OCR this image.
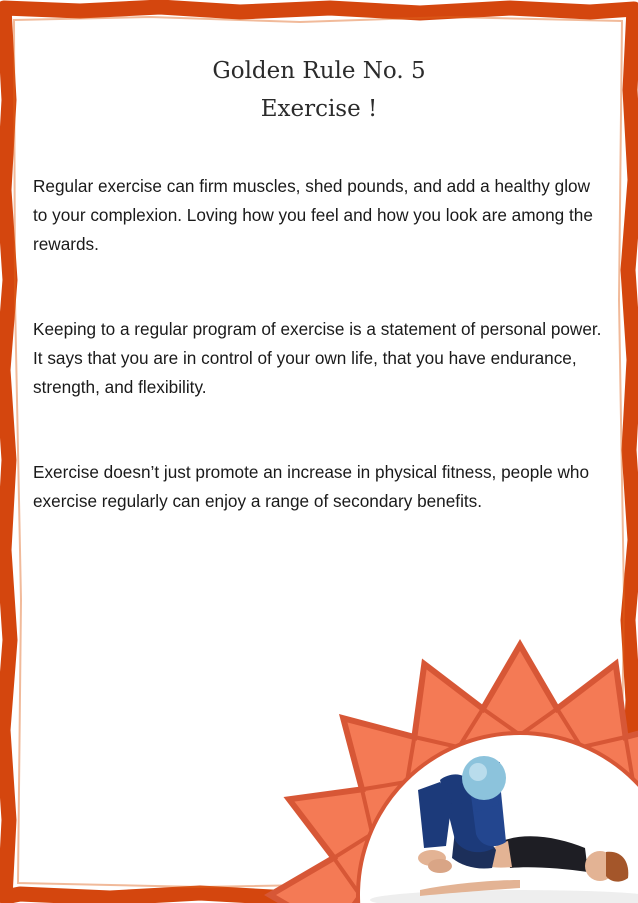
Golden Rule No. 5
Exercise !

Regular exercise can firm muscles, shed pounds, and add a healthy glow to your complexion. Loving how you feel and how you look are among the rewards.

Keeping to a regular program of exercise is a statement of personal power. It says that you are in control of your own life, that you have endurance, strength, and flexibility.

Exercise doesn’t just promote an increase in physical fitness, people who exercise regularly can enjoy a range of secondary benefits.
